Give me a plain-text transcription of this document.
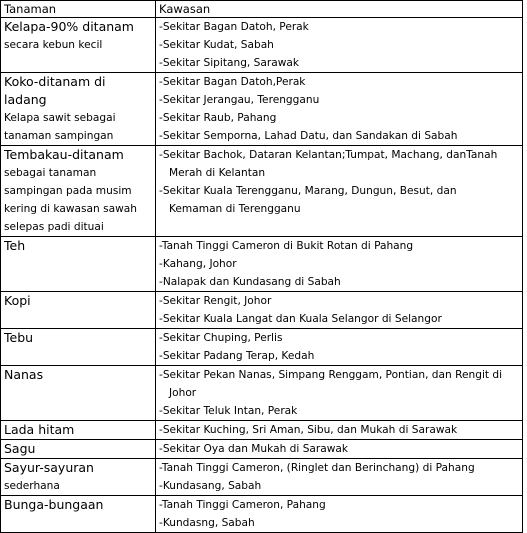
Tanaman	Kawasan

Kelapa-90% ditanam
secara kebun kecil	-Sekitar Bagan Datoh, Perak
-Sekitar Kudat, Sabah
-Sekitar Sipitang, Sarawak

Koko-ditanam di ladang
Kelapa sawit sebagai
tanaman sampingan	-Sekitar Bagan Datoh,Perak
-Sekitar Jerangau, Terengganu
-Sekitar Raub, Pahang
-Sekitar Semporna, Lahad Datu, dan Sandakan di Sabah

Tembakau-ditanam
sebagai tanaman
sampingan pada musim
kering di kawasan sawah
selepas padi dituai	-Sekitar Bachok, Dataran Kelantan;Tumpat, Machang, danTanah
Merah di Kelantan
-Sekitar Kuala Terengganu, Marang, Dungun, Besut, dan
Kemaman di Terengganu

Teh	-Tanah Tinggi Cameron di Bukit Rotan di Pahang
-Kahang, Johor
-Nalapak dan Kundasang di Sabah

Kopi	-Sekitar Rengit, Johor
-Sekitar Kuala Langat dan Kuala Selangor di Selangor

Tebu	-Sekitar Chuping, Perlis
-Sekitar Padang Terap, Kedah

Nanas	-Sekitar Pekan Nanas, Simpang Renggam, Pontian, dan Rengit di
Johor
-Sekitar Teluk Intan, Perak

Lada hitam	-Sekitar Kuching, Sri Aman, Sibu, dan Mukah di Sarawak

Sagu	-Sekitar Oya dan Mukah di Sarawak

Sayur-sayuran
sederhana	-Tanah Tinggi Cameron, (Ringlet dan Berinchang) di Pahang
-Kundasang, Sabah

Bunga-bungaan	-Tanah Tinggi Cameron, Pahang
-Kundasng, Sabah
